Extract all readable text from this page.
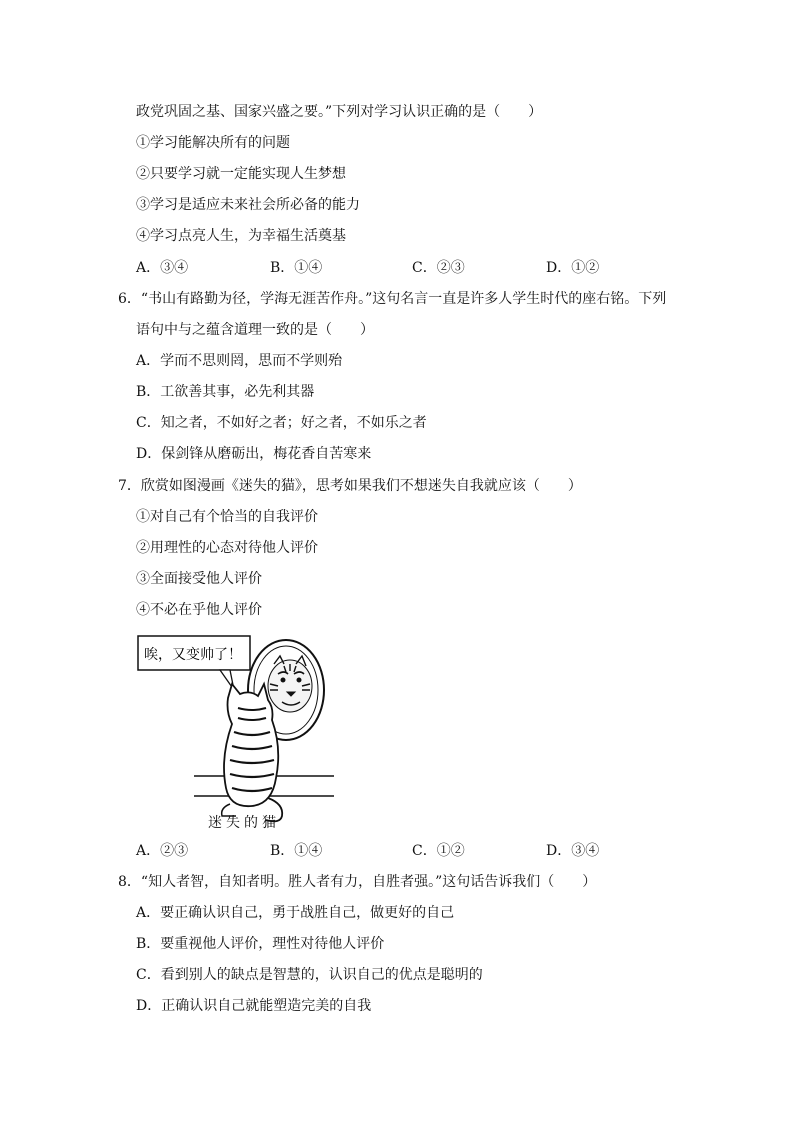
政党巩固之基、国家兴盛之要。”下列对学习认识正确的是（　　）
①学习能解决所有的问题
②只要学习就一定能实现人生梦想
③学习是适应未来社会所必备的能力
④学习点亮人生，为幸福生活奠基
A．③④	B．①④	C．②③	D．①②
6．“书山有路勤为径，学海无涯苦作舟。”这句名言一直是许多人学生时代的座右铭。下列
语句中与之蕴含道理一致的是（　　）
A．学而不思则罔，思而不学则殆
B．工欲善其事，必先利其器
C．知之者，不如好之者；好之者，不如乐之者
D．保剑锋从磨砺出，梅花香自苦寒来
7．欣赏如图漫画《迷失的猫》，思考如果我们不想迷失自我就应该（　　）
①对自己有个恰当的自我评价
②用理性的心态对待他人评价
③全面接受他人评价
④不必在乎他人评价
唉，又变帅了！
迷失的猫
A．②③	B．①④	C．①②	D．③④
8．“知人者智，自知者明。胜人者有力，自胜者强。”这句话告诉我们（　　）
A．要正确认识自己，勇于战胜自己，做更好的自己
B．要重视他人评价，理性对待他人评价
C．看到别人的缺点是智慧的，认识自己的优点是聪明的
D．正确认识自己就能塑造完美的自我
